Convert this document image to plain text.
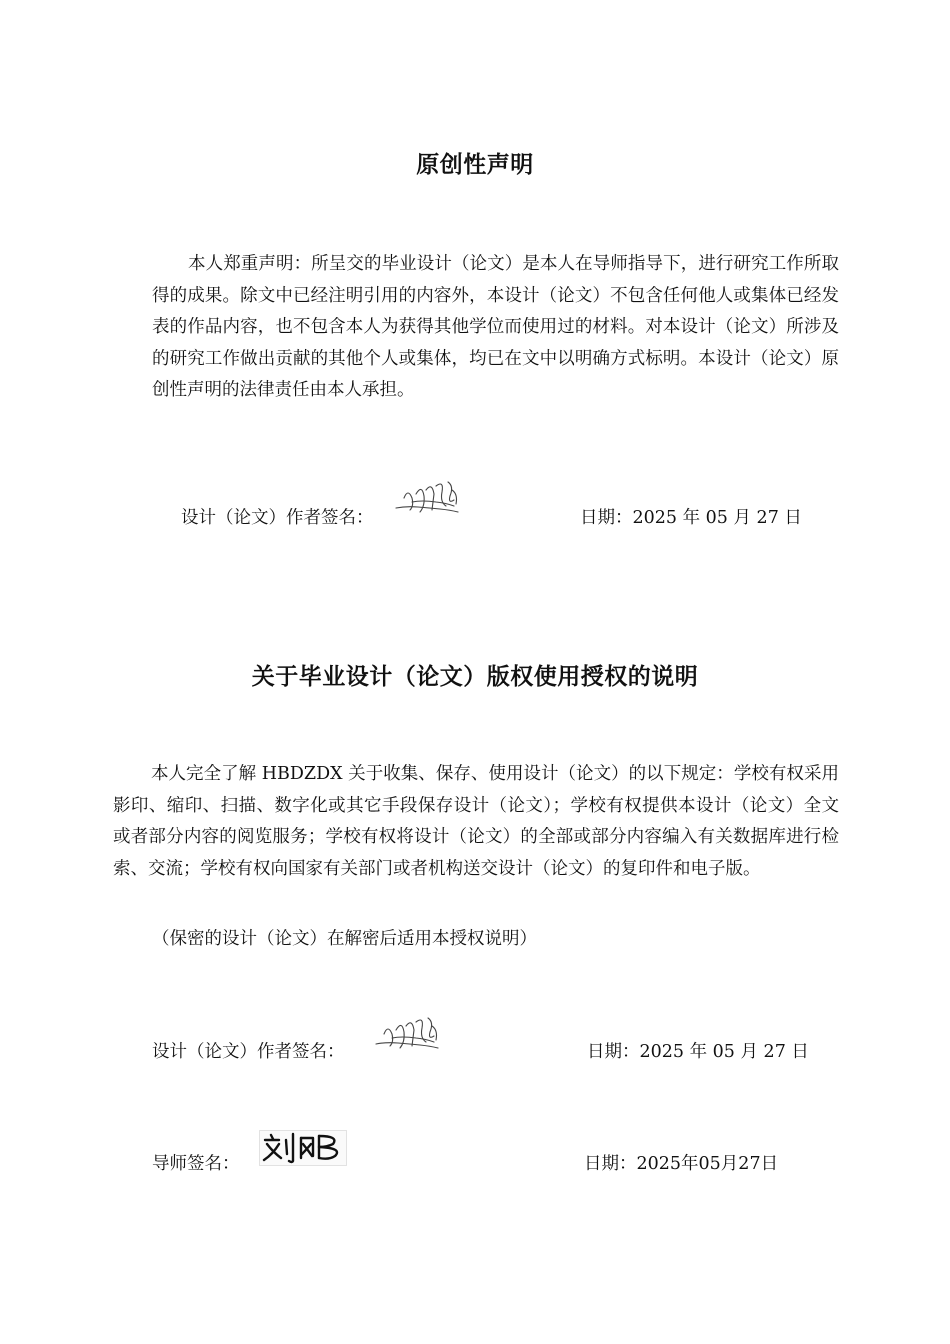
原创性声明
本人郑重声明：所呈交的毕业设计（论文）是本人在导师指导下，进行研究工作所取得的成果。除文中已经注明引用的内容外，本设计（论文）不包含任何他人或集体已经发表的作品内容，也不包含本人为获得其他学位而使用过的材料。对本设计（论文）所涉及的研究工作做出贡献的其他个人或集体，均已在文中以明确方式标明。本设计（论文）原创性声明的法律责任由本人承担。
设计（论文）作者签名：	日期：2025 年 05 月 27 日
关于毕业设计（论文）版权使用授权的说明
本人完全了解 HBDZDX 关于收集、保存、使用设计（论文）的以下规定：学校有权采用影印、缩印、扫描、数字化或其它手段保存设计（论文）；学校有权提供本设计（论文）全文或者部分内容的阅览服务；学校有权将设计（论文）的全部或部分内容编入有关数据库进行检索、交流；学校有权向国家有关部门或者机构送交设计（论文）的复印件和电子版。
（保密的设计（论文）在解密后适用本授权说明）
设计（论文）作者签名：	日期：2025 年 05 月 27 日
导师签名：	日期：2025年05月27日
